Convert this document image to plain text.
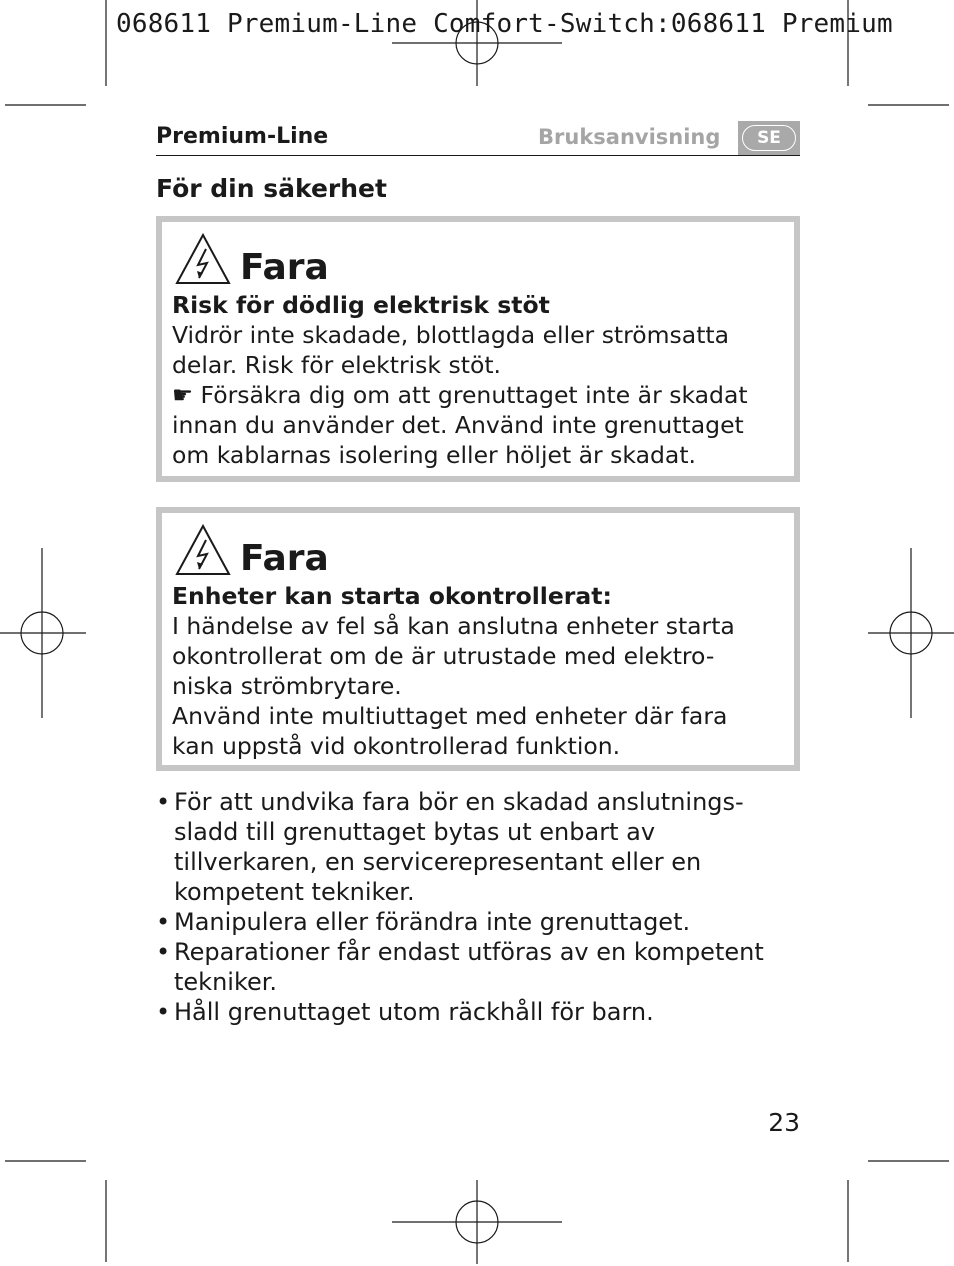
068611 Premium-Line Comfort-Switch:068611 Premium
Premium-Line	Bruksanvisning	SE
För din säkerhet
Fara
Risk för dödlig elektrisk stöt
Vidrör inte skadade, blottlagda eller strömsatta
delar. Risk för elektrisk stöt.
☛ Försäkra dig om att grenuttaget inte är skadat
innan du använder det. Använd inte grenuttaget
om kablarnas isolering eller höljet är skadat.
Fara
Enheter kan starta okontrollerat:
I händelse av fel så kan anslutna enheter starta
okontrollerat om de är utrustade med elektro-
niska strömbrytare.
Använd inte multiuttaget med enheter där fara
kan uppstå vid okontrollerad funktion.
• För att undvika fara bör en skadad anslutnings-
sladd till grenuttaget bytas ut enbart av
tillverkaren, en servicerepresentant eller en
kompetent tekniker.
• Manipulera eller förändra inte grenuttaget.
• Reparationer får endast utföras av en kompetent
tekniker.
• Håll grenuttaget utom räckhåll för barn.
23
